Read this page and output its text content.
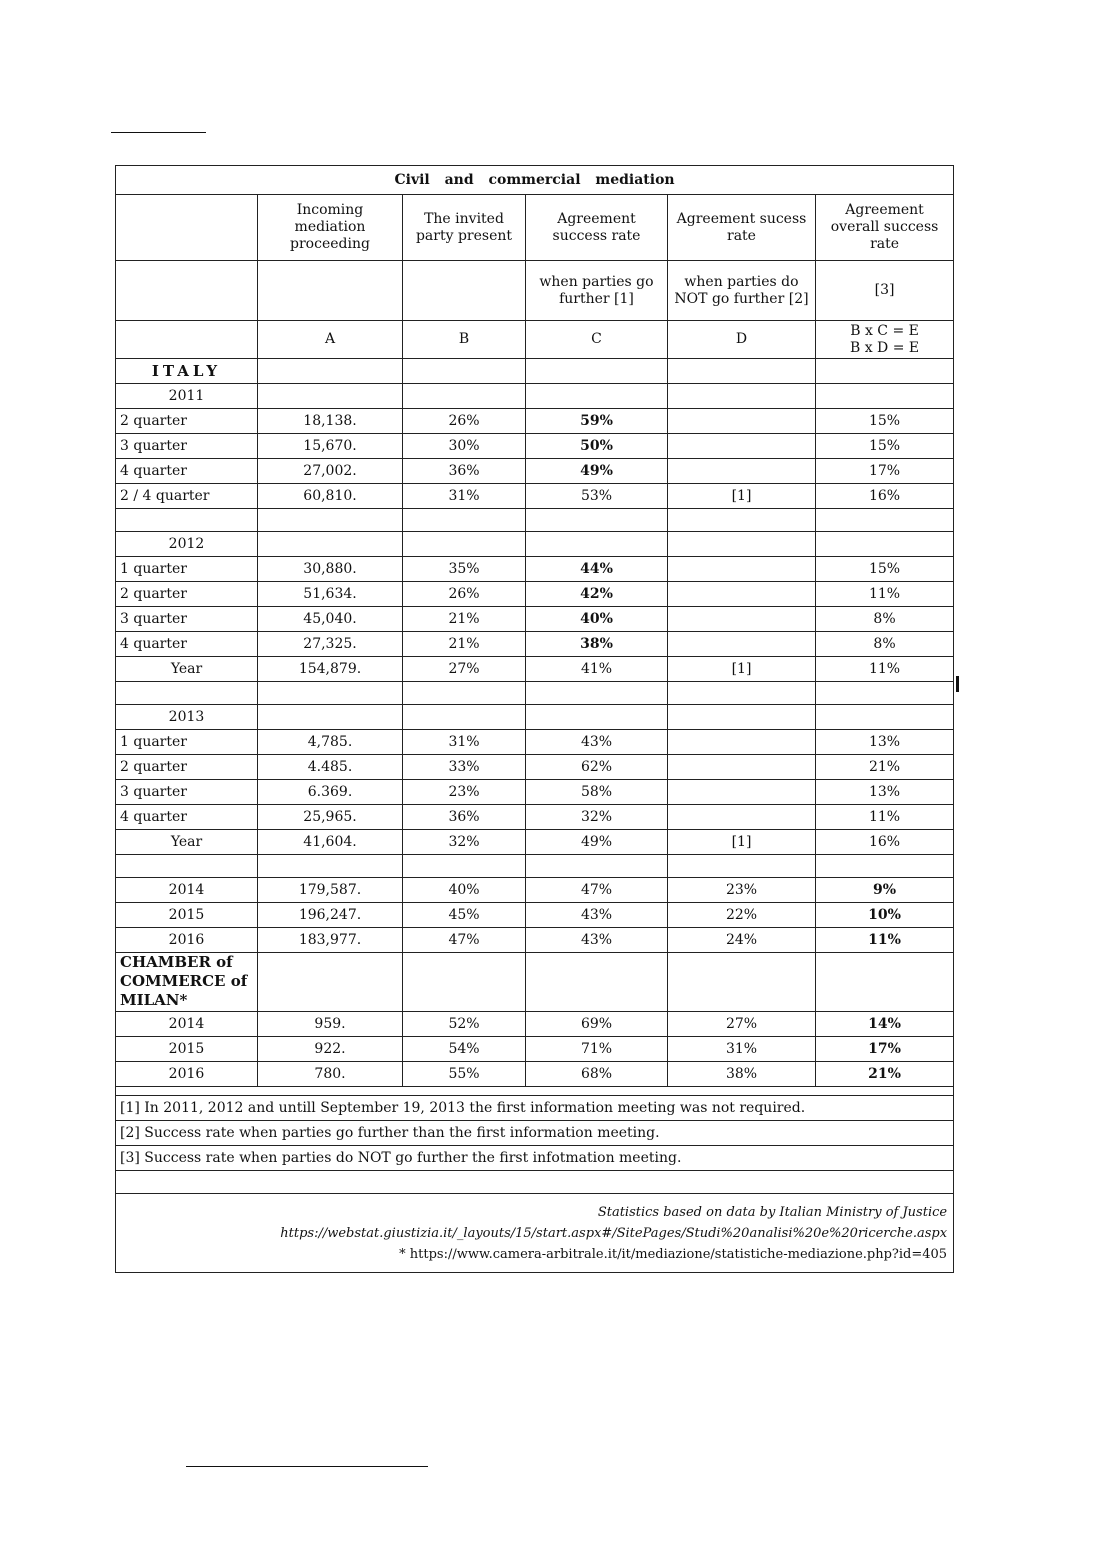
Civil and commercial mediation					
	Incoming mediation proceeding	The invited party present	Agreement success rate	Agreement sucess rate	Agreement overall success rate
			when parties go further [1]	when parties do NOT go further [2]	[3]
	A	B	C	D	B x C = E
B x D = E

ITALY					
2011					
2 quarter	18,138.	26%	59%		15%
3 quarter	15,670.	30%	50%		15%
4 quarter	27,002.	36%	49%		17%
2 / 4 quarter	60,810.	31%	53%	[1]	16%

2012					
1 quarter	30,880.	35%	44%		15%
2 quarter	51,634.	26%	42%		11%
3 quarter	45,040.	21%	40%		8%
4 quarter	27,325.	21%	38%		8%
Year	154,879.	27%	41%	[1]	11%

2013					
1 quarter	4,785.	31%	43%		13%
2 quarter	4.485.	33%	62%		21%
3 quarter	6.369.	23%	58%		13%
4 quarter	25,965.	36%	32%		11%
Year	41,604.	32%	49%	[1]	16%

2014	179,587.	40%	47%	23%	9%
2015	196,247.	45%	43%	22%	10%
2016	183,977.	47%	43%	24%	11%
CHAMBER of COMMERCE of MILAN*					
2014	959.	52%	69%	27%	14%
2015	922.	54%	71%	31%	17%
2016	780.	55%	68%	38%	21%

[1] In 2011, 2012 and untill September 19, 2013 the first information meeting was not required.					
[2] Success rate when parties go further than the first information meeting.					
[3] Success rate when parties do NOT go further the first infotmation meeting.					

Statistics based on data by Italian Ministry of Justice
https://webstat.giustizia.it/_layouts/15/start.aspx#/SitePages/Studi%20analisi%20e%20ricerche.aspx
* https://www.camera-arbitrale.it/it/mediazione/statistiche-mediazione.php?id=405					
